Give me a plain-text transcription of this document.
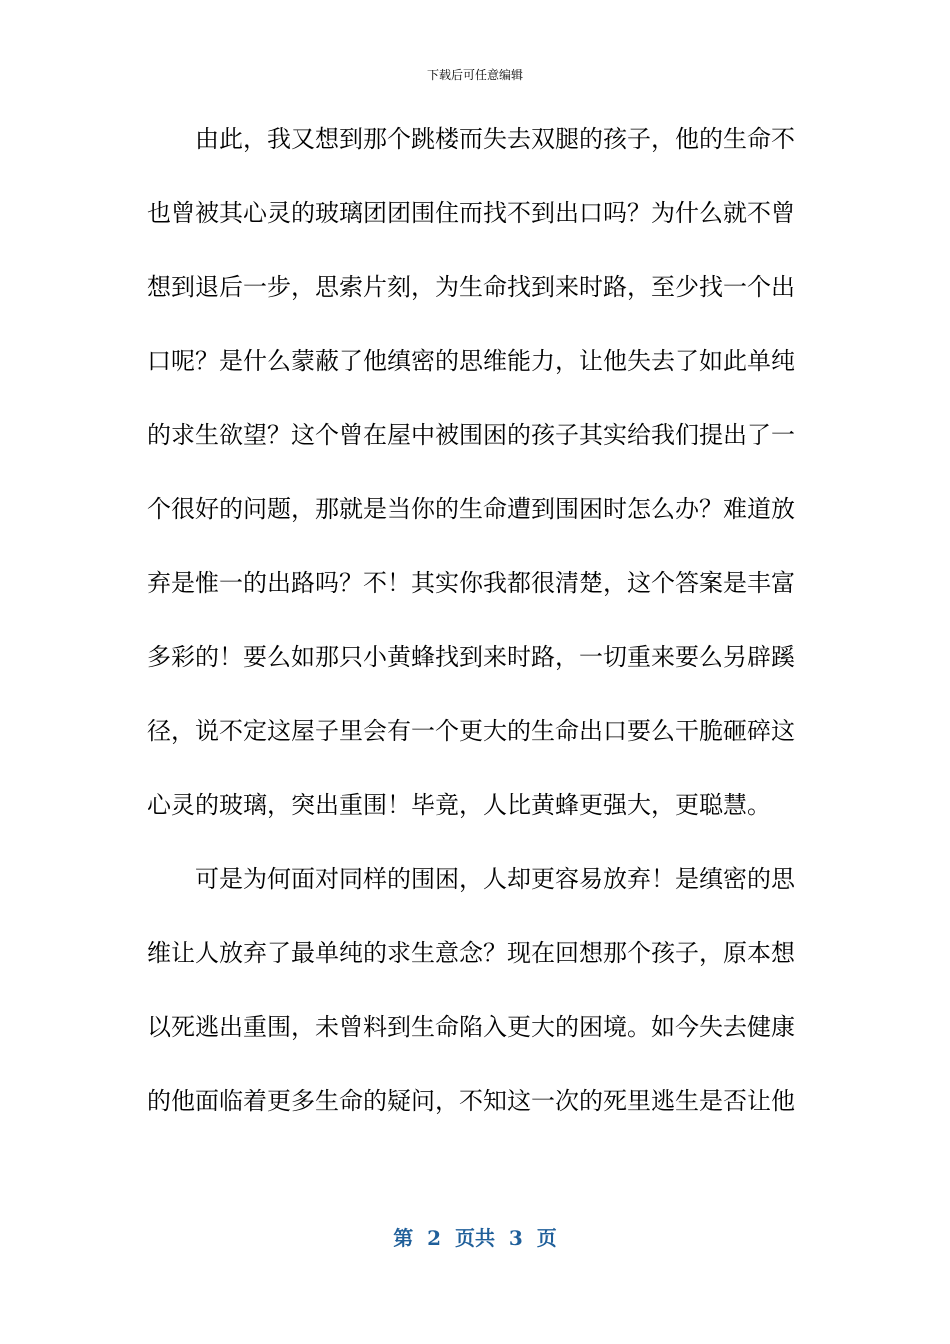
下载后可任意编辑
由此，我又想到那个跳楼而失去双腿的孩子，他的生命不
也曾被其心灵的玻璃团团围住而找不到出口吗？为什么就不曾
想到退后一步，思索片刻，为生命找到来时路，至少找一个出
口呢？是什么蒙蔽了他缜密的思维能力，让他失去了如此单纯
的求生欲望？这个曾在屋中被围困的孩子其实给我们提出了一
个很好的问题，那就是当你的生命遭到围困时怎么办？难道放
弃是惟一的出路吗？不！其实你我都很清楚，这个答案是丰富
多彩的！要么如那只小黄蜂找到来时路，一切重来要么另辟蹊
径，说不定这屋子里会有一个更大的生命出口要么干脆砸碎这
心灵的玻璃，突出重围！毕竟，人比黄蜂更强大，更聪慧。
可是为何面对同样的围困，人却更容易放弃！是缜密的思
维让人放弃了最单纯的求生意念？现在回想那个孩子，原本想
以死逃出重围，未曾料到生命陷入更大的困境。如今失去健康
的他面临着更多生命的疑问，不知这一次的死里逃生是否让他
第  2  页共  3  页
